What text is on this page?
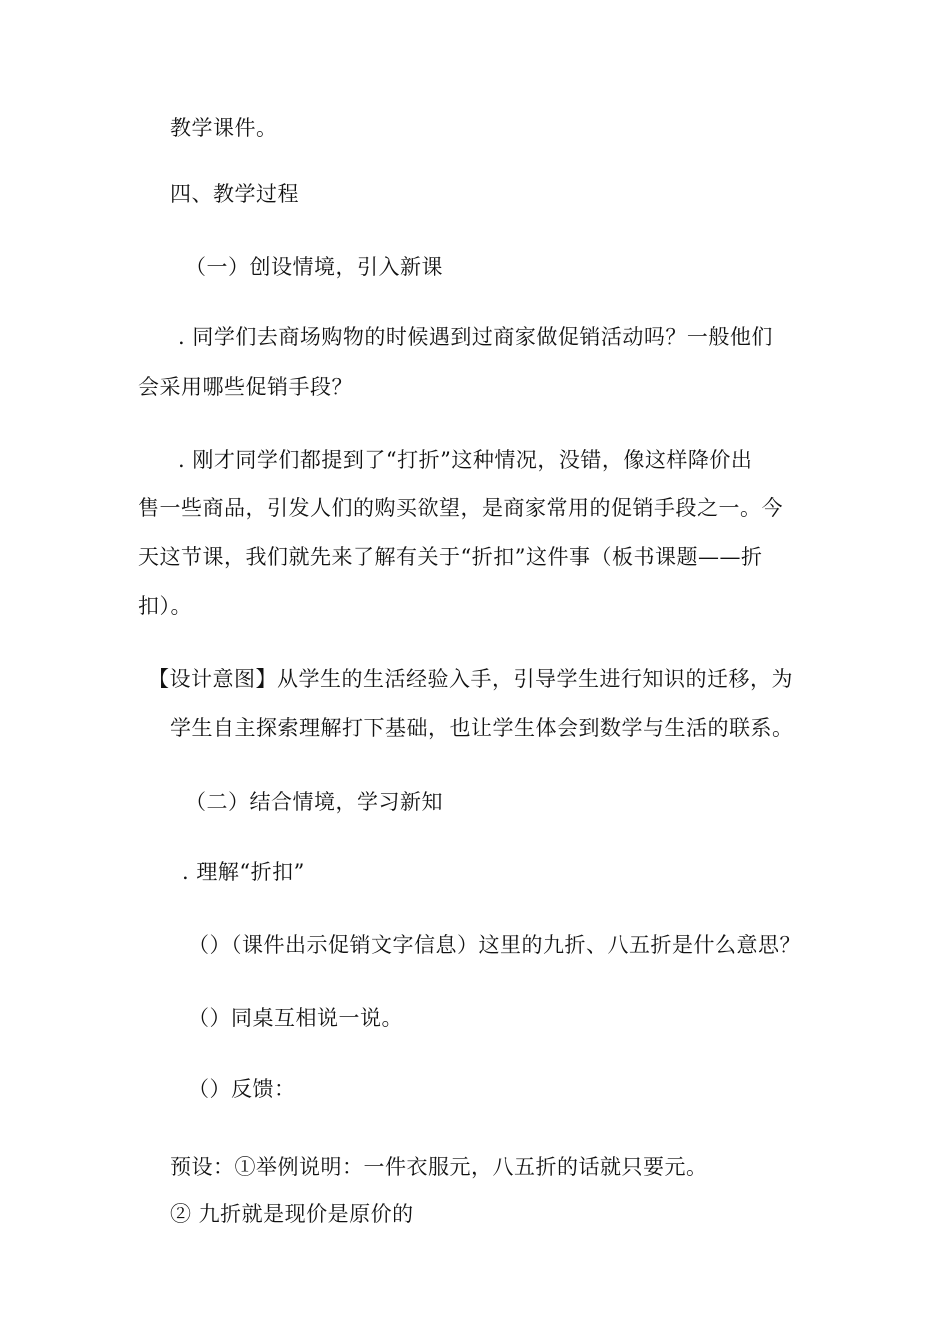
教学课件。
四、教学过程
（一）创设情境，引入新课
. 同学们去商场购物的时候遇到过商家做促销活动吗？一般他们
会采用哪些促销手段？
. 刚才同学们都提到了“打折”这种情况，没错，像这样降价出
售一些商品，引发人们的购买欲望，是商家常用的促销手段之一。今
天这节课，我们就先来了解有关于“折扣”这件事（板书课题——折
扣）。
【设计意图】从学生的生活经验入手，引导学生进行知识的迁移，为
学生自主探索理解打下基础，也让学生体会到数学与生活的联系。
（二）结合情境，学习新知
. 理解“折扣”
（）（课件出示促销文字信息）这里的九折、八五折是什么意思？
（）同桌互相说一说。
（）反馈：
预设：①举例说明：一件衣服元，八五折的话就只要元。
② 九折就是现价是原价的
